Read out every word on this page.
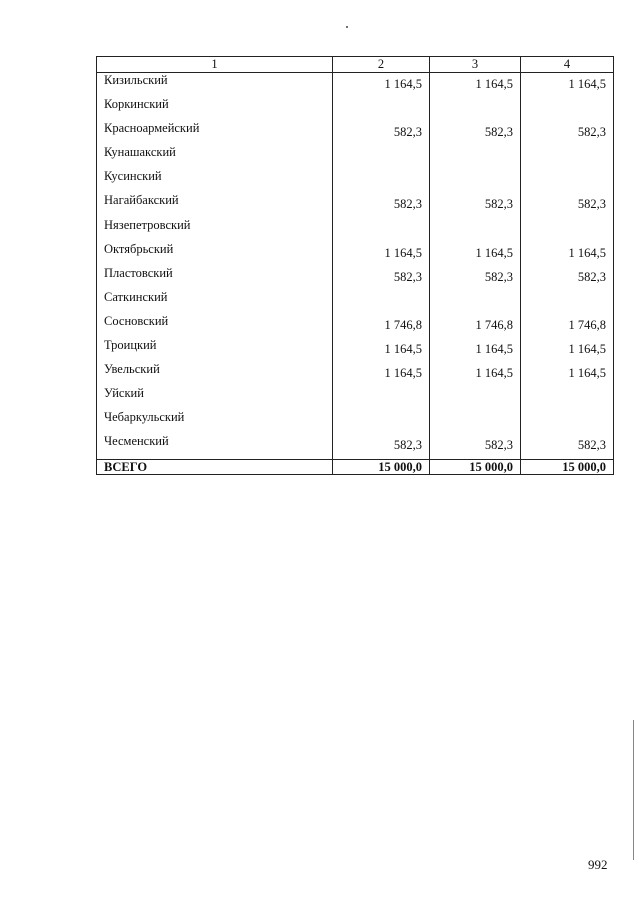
1	2	3	4
Кизильский	1 164,5	1 164,5	1 164,5
Коркинский			
Красноармейский	582,3	582,3	582,3
Кунашакский			
Кусинский			
Нагайбакский	582,3	582,3	582,3
Нязепетровский			
Октябрьский	1 164,5	1 164,5	1 164,5
Пластовский	582,3	582,3	582,3
Саткинский			
Сосновский	1 746,8	1 746,8	1 746,8
Троицкий	1 164,5	1 164,5	1 164,5
Увельский	1 164,5	1 164,5	1 164,5
Уйский			
Чебаркульский			
Чесменский	582,3	582,3	582,3
ВСЕГО	15 000,0	15 000,0	15 000,0
992
